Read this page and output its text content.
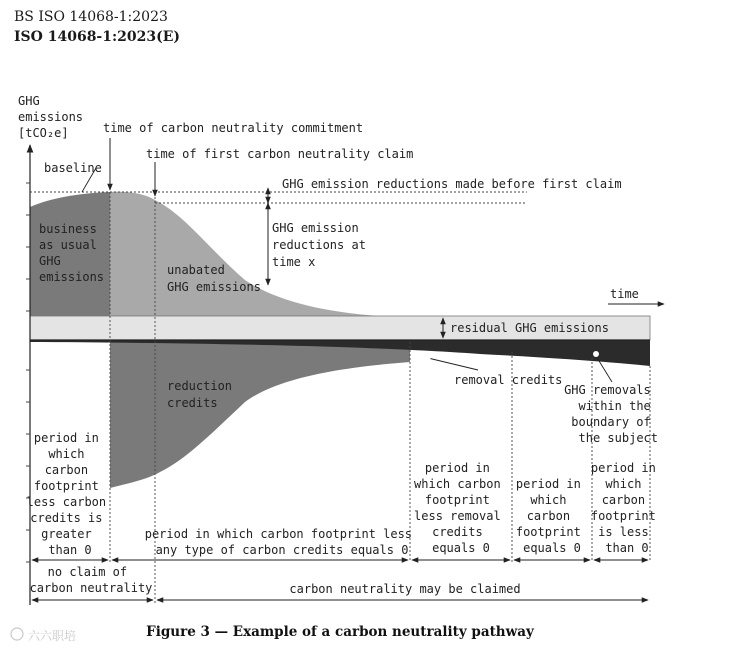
BS ISO 14068-1:2023
ISO 14068-1:2023(E)
GHG emissions [tCO₂e]
time
time of carbon neutrality commitment
time of first carbon neutrality claim
baseline
GHG emission reductions made before first claim
GHG emission reductions at time x
business as usual GHG emissions	unabated GHG emissions
residual GHG emissions
reduction credits
removal credits
GHG removals within the boundary of the subject
period in which carbon footprint less carbon credits is greater than 0
period in which carbon footprint less any type of carbon credits equals 0
period in which carbon footprint less removal credits equals 0
period in which carbon footprint equals 0
period in which carbon footprint is less than 0
no claim of carbon neutrality	carbon neutrality may be claimed
Figure 3 — Example of a carbon neutrality pathway
六六职培
